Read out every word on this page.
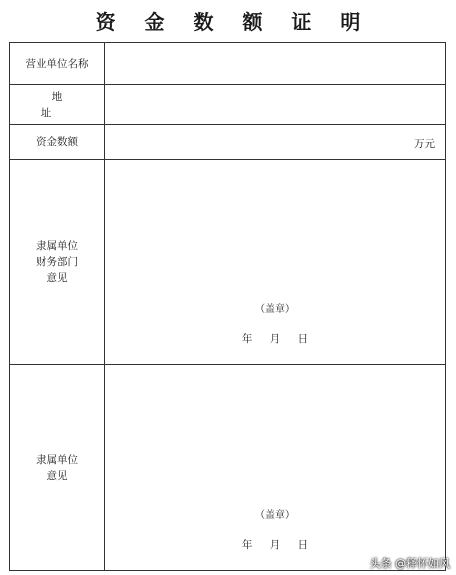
资 金 数 额 证 明
营业单位名称
地　址
资金数额	万元
隶属单位
财务部门
意见
（盖章）
年 月 日
隶属单位
意见
（盖章）
年 月 日
头条 @释怀如风
